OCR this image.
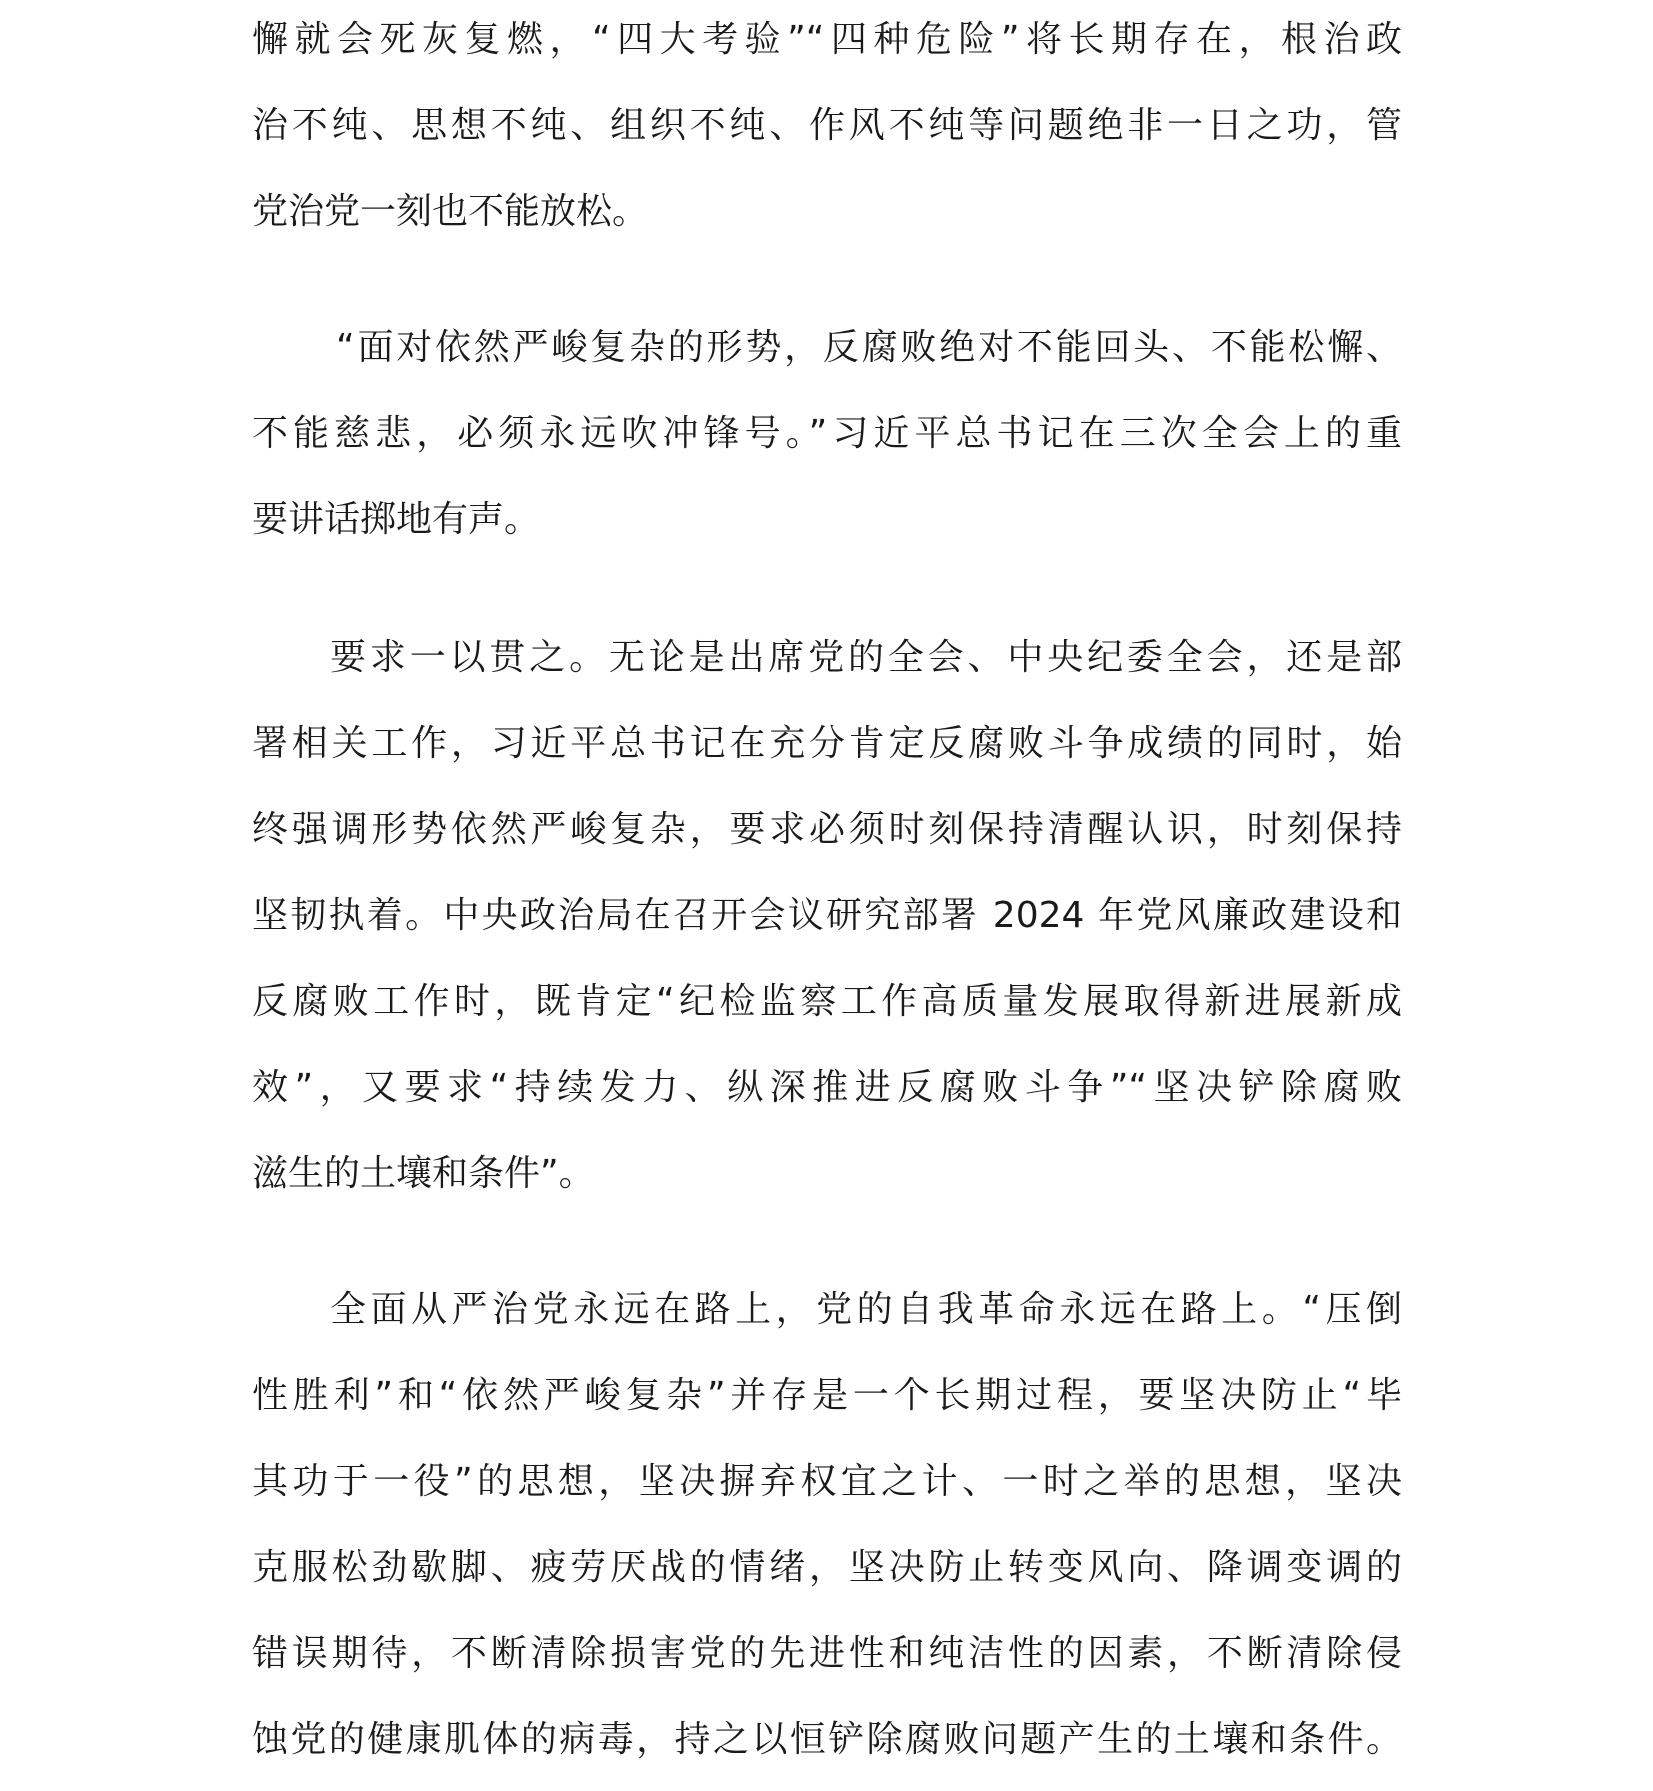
懈就会死灰复燃，“四大考验”“四种危险”将长期存在，根治政
治不纯、思想不纯、组织不纯、作风不纯等问题绝非一日之功，管
党治党一刻也不能放松。
“面对依然严峻复杂的形势，反腐败绝对不能回头、不能松懈、
不能慈悲，必须永远吹冲锋号。”习近平总书记在三次全会上的重
要讲话掷地有声。
要求一以贯之。无论是出席党的全会、中央纪委全会，还是部
署相关工作，习近平总书记在充分肯定反腐败斗争成绩的同时，始
终强调形势依然严峻复杂，要求必须时刻保持清醒认识，时刻保持
坚韧执着。中央政治局在召开会议研究部署 2024 年党风廉政建设和
反腐败工作时，既肯定“纪检监察工作高质量发展取得新进展新成
效”，又要求“持续发力、纵深推进反腐败斗争”“坚决铲除腐败
滋生的土壤和条件”。
全面从严治党永远在路上，党的自我革命永远在路上。“压倒
性胜利”和“依然严峻复杂”并存是一个长期过程，要坚决防止“毕
其功于一役”的思想，坚决摒弃权宜之计、一时之举的思想，坚决
克服松劲歇脚、疲劳厌战的情绪，坚决防止转变风向、降调变调的
错误期待，不断清除损害党的先进性和纯洁性的因素，不断清除侵
蚀党的健康肌体的病毒，持之以恒铲除腐败问题产生的土壤和条件。
